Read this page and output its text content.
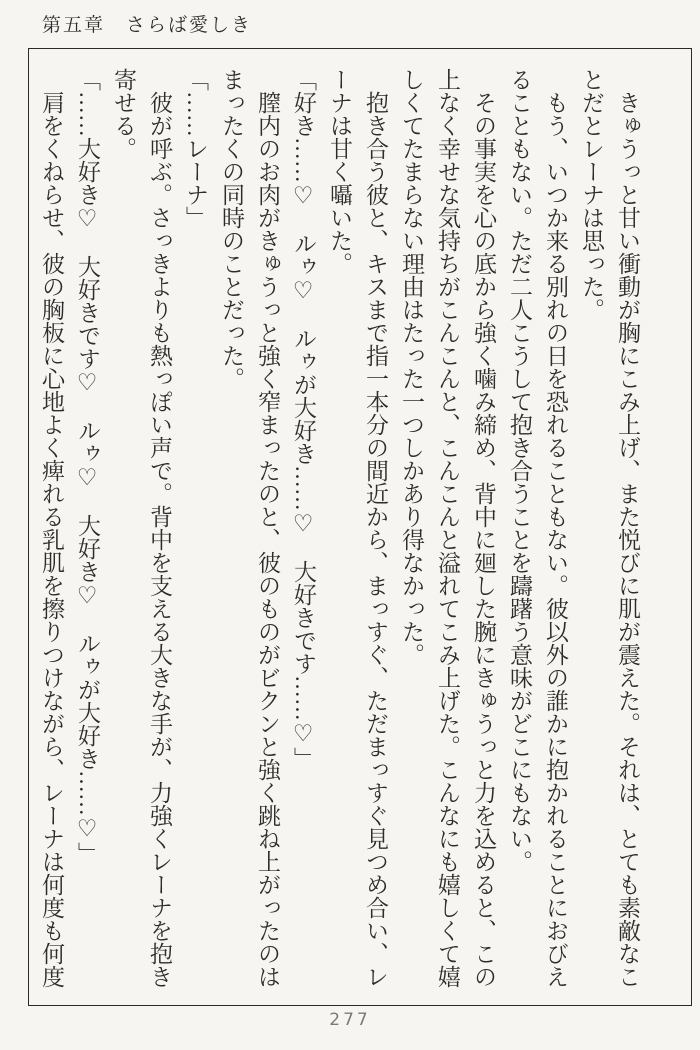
第五章　さらば愛しき

きゅうっと甘い衝動が胸にこみ上げ、また悦びに肌が震えた。それは、とても素敵なことだとレーナは思った。

もう、いつか来る別れの日を恐れることもない。彼以外の誰かに抱かれることにおびえることもない。ただ二人こうして抱き合うことを躊躇う意味がどこにもない。

その事実を心の底から強く噛み締め、背中に廻した腕にきゅうっと力を込めると、この上なく幸せな気持ちがこんこんと、こんこんと溢れてこみ上げた。こんなにも嬉しくて嬉しくてたまらない理由はたった一つしかあり得なかった。

抱き合う彼と、キスまで指一本分の間近から、まっすぐ、ただまっすぐ見つめ合い、レーナは甘く囁いた。

「好き……♡　ルゥ♡　ルゥが大好き……♡　大好きです……♡」

膣内のお肉がきゅうっと強く窄まったのと、彼のものがビクンと強く跳ね上がったのはまったくの同時のことだった。

「……レーナ」

彼が呼ぶ。さっきよりも熱っぽい声で。背中を支える大きな手が、力強くレーナを抱き寄せる。

「……大好き♡　大好きです♡　ルゥ♡　大好き♡　ルゥが大好き……♡」

肩をくねらせ、彼の胸板に心地よく痺れる乳肌を擦りつけながら、レーナは何度も何度

277
